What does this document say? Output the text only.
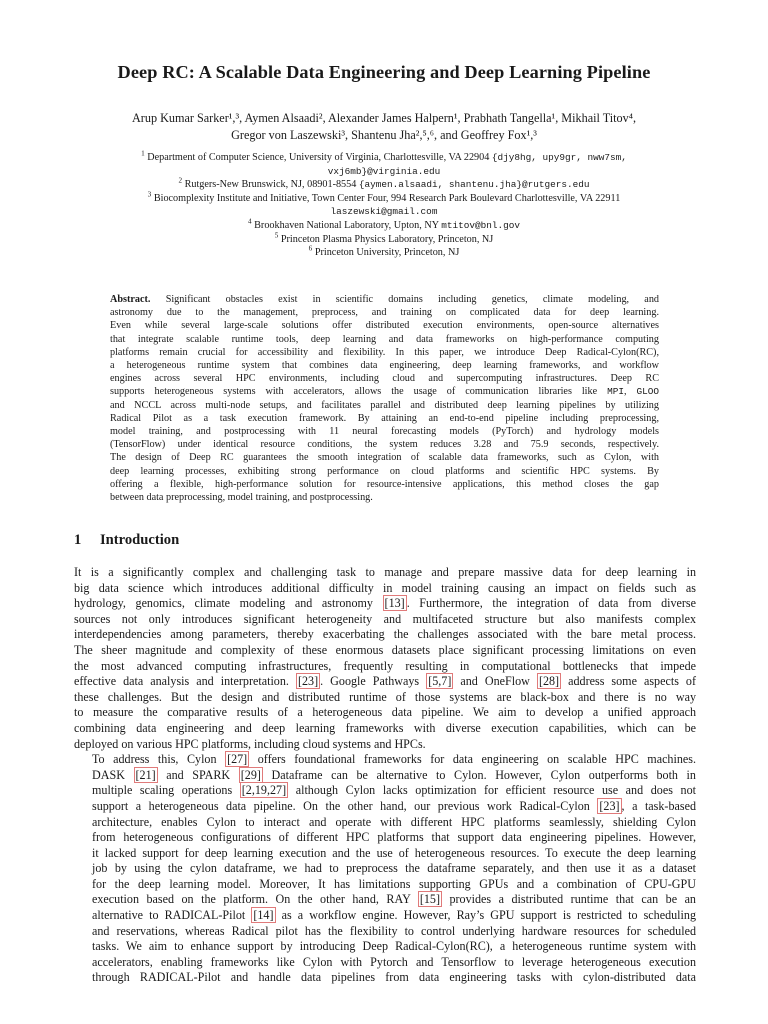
Deep RC: A Scalable Data Engineering and Deep Learning Pipeline
Arup Kumar Sarker¹,³, Aymen Alsaadi², Alexander James Halpern¹, Prabhath Tangella¹, Mikhail Titov⁴,
Gregor von Laszewski³, Shantenu Jha²,⁵,⁶, and Geoffrey Fox¹,³
$^1$ Department of Computer Science, University of Virginia, Charlottesville, VA 22904 {djy8hg, upy9gr, nww7sm,
vxj6mb}@virginia.edu
$^2$ Rutgers-New Brunswick, NJ, 08901-8554 {aymen.alsaadi, shantenu.jha}@rutgers.edu
$^3$ Biocomplexity Institute and Initiative, Town Center Four, 994 Research Park Boulevard Charlottesville, VA 22911
laszewski@gmail.com
$^4$ Brookhaven National Laboratory, Upton, NY mtitov@bnl.gov
$^5$ Princeton Plasma Physics Laboratory, Princeton, NJ
$^6$ Princeton University, Princeton, NJ
Abstract. Significant obstacles exist in scientific domains including genetics, climate modeling, and
astronomy due to the management, preprocess, and training on complicated data for deep learning.
Even while several large-scale solutions offer distributed execution environments, open-source alternatives
that integrate scalable runtime tools, deep learning and data frameworks on high-performance computing
platforms remain crucial for accessibility and flexibility. In this paper, we introduce Deep Radical-Cylon(RC),
a heterogeneous runtime system that combines data engineering, deep learning frameworks, and workflow
engines across several HPC environments, including cloud and supercomputing infrastructures. Deep RC
supports heterogeneous systems with accelerators, allows the usage of communication libraries like MPI, GLOO
and NCCL across multi-node setups, and facilitates parallel and distributed deep learning pipelines by utilizing
Radical Pilot as a task execution framework. By attaining an end-to-end pipeline including preprocessing,
model training, and postprocessing with 11 neural forecasting models (PyTorch) and hydrology models
(TensorFlow) under identical resource conditions, the system reduces 3.28 and 75.9 seconds, respectively.
The design of Deep RC guarantees the smooth integration of scalable data frameworks, such as Cylon, with
deep learning processes, exhibiting strong performance on cloud platforms and scientific HPC systems. By
offering a flexible, high-performance solution for resource-intensive applications, this method closes the gap
between data preprocessing, model training, and postprocessing.
1 Introduction

It is a significantly complex and challenging task to manage and prepare massive data for deep learning in
big data science which introduces additional difficulty in model training causing an impact on fields such as
hydrology, genomics, climate modeling and astronomy [13] . Furthermore, the integration of data from diverse
sources not only introduces significant heterogeneity and multifaceted structure but also manifests complex
interdependencies among parameters, thereby exacerbating the challenges associated with the bare metal process.
The sheer magnitude and complexity of these enormous datasets place significant processing limitations on even
the most advanced computing infrastructures, frequently resulting in computational bottlenecks that impede
effective data analysis and interpretation. [23] . Google Pathways [5,7] and OneFlow [28] address some aspects of
these challenges. But the design and distributed runtime of those systems are black-box and there is no way
to measure the comparative results of a heterogeneous data pipeline. We aim to develop a unified approach
combining data engineering and deep learning frameworks with diverse execution capabilities, which can be
deployed on various HPC platforms, including cloud systems and HPCs.

To address this, Cylon [27] offers foundational frameworks for data engineering on scalable HPC machines.
DASK [21] and SPARK [29] Dataframe can be alternative to Cylon. However, Cylon outperforms both in
multiple scaling operations [2,19,27] although Cylon lacks optimization for efficient resource use and does not
support a heterogeneous data pipeline. On the other hand, our previous work Radical-Cylon [23] , a task-based
architecture, enables Cylon to interact and operate with different HPC platforms seamlessly, shielding Cylon
from heterogeneous configurations of different HPC platforms that support data engineering pipelines. However,
it lacked support for deep learning execution and the use of heterogeneous resources. To execute the deep learning
job by using the cylon dataframe, we had to preprocess the dataframe separately, and then use it as a dataset
for the deep learning model. Moreover, It has limitations supporting GPUs and a combination of CPU-GPU
execution based on the platform. On the other hand, RAY [15] provides a distributed runtime that can be an
alternative to RADICAL-Pilot [14] as a workflow engine. However, Ray’s GPU support is restricted to scheduling
and reservations, whereas Radical pilot has the flexibility to control underlying hardware resources for scheduled
tasks. We aim to enhance support by introducing Deep Radical-Cylon(RC), a heterogeneous runtime system with
accelerators, enabling frameworks like Cylon with Pytorch and Tensorflow to leverage heterogeneous execution
through RADICAL-Pilot and handle data pipelines from data engineering tasks with cylon-distributed data
